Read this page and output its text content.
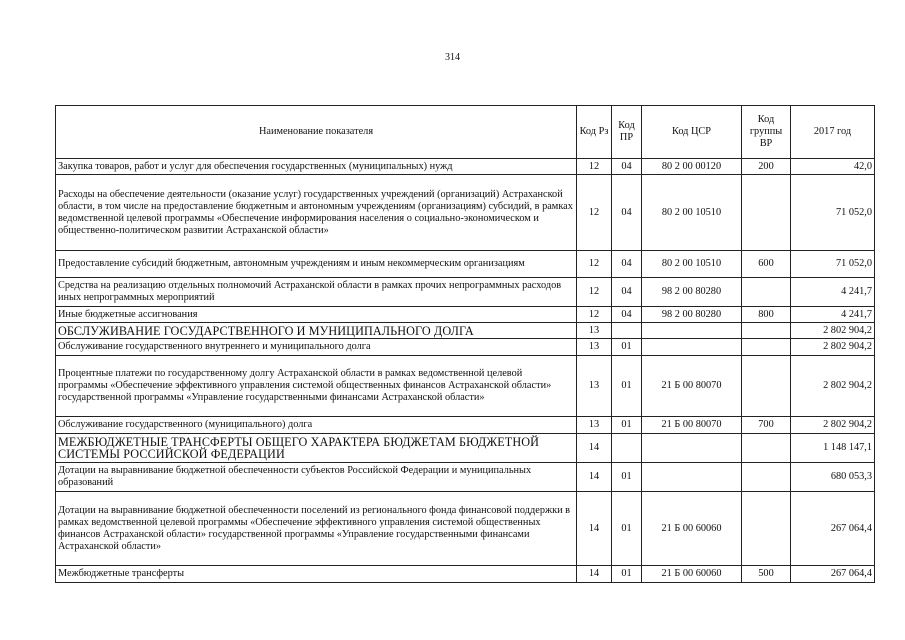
314
Наименование показателя	Код Рз	Код ПР	Код ЦСР	Код группы ВР	2017 год
Закупка товаров, работ и услуг для обеспечения государственных (муниципальных) нужд	12	04	80 2 00 00120	200	42,0
Расходы на обеспечение деятельности (оказание услуг) государственных учреждений (организаций) Астраханской области, в том числе на предоставление бюджетным и автономным учреждениям (организациям) субсидий, в рамках ведомственной целевой программы «Обеспечение информирования населения о социально-экономическом и общественно-политическом развитии Астраханской области»	12	04	80 2 00 10510		71 052,0
Предоставление субсидий бюджетным, автономным учреждениям и иным некоммерческим организациям	12	04	80 2 00 10510	600	71 052,0
Средства на реализацию отдельных полномочий Астраханской области в рамках прочих непрограммных расходов иных непрограммных мероприятий	12	04	98 2 00 80280		4 241,7
Иные бюджетные ассигнования	12	04	98 2 00 80280	800	4 241,7
ОБСЛУЖИВАНИЕ ГОСУДАРСТВЕННОГО И МУНИЦИПАЛЬНОГО ДОЛГА	13				2 802 904,2
Обслуживание государственного внутреннего и муниципального долга	13	01			2 802 904,2
Процентные платежи по государственному долгу Астраханской области в рамках ведомственной целевой программы «Обеспечение эффективного управления системой общественных финансов Астраханской области» государственной программы «Управление государственными финансами Астраханской области»	13	01	21 Б 00 80070		2 802 904,2
Обслуживание государственного (муниципального) долга	13	01	21 Б 00 80070	700	2 802 904,2
МЕЖБЮДЖЕТНЫЕ ТРАНСФЕРТЫ ОБЩЕГО ХАРАКТЕРА БЮДЖЕТАМ БЮДЖЕТНОЙ СИСТЕМЫ РОССИЙСКОЙ ФЕДЕРАЦИИ	14				1 148 147,1
Дотации на выравнивание бюджетной обеспеченности субъектов Российской Федерации и муниципальных образований	14	01			680 053,3
Дотации на выравнивание бюджетной обеспеченности поселений из регионального фонда финансовой поддержки в рамках ведомственной целевой программы «Обеспечение эффективного управления системой общественных финансов Астраханской области» государственной программы «Управление государственными финансами Астраханской области»	14	01	21 Б 00 60060		267 064,4
Межбюджетные трансферты	14	01	21 Б 00 60060	500	267 064,4
